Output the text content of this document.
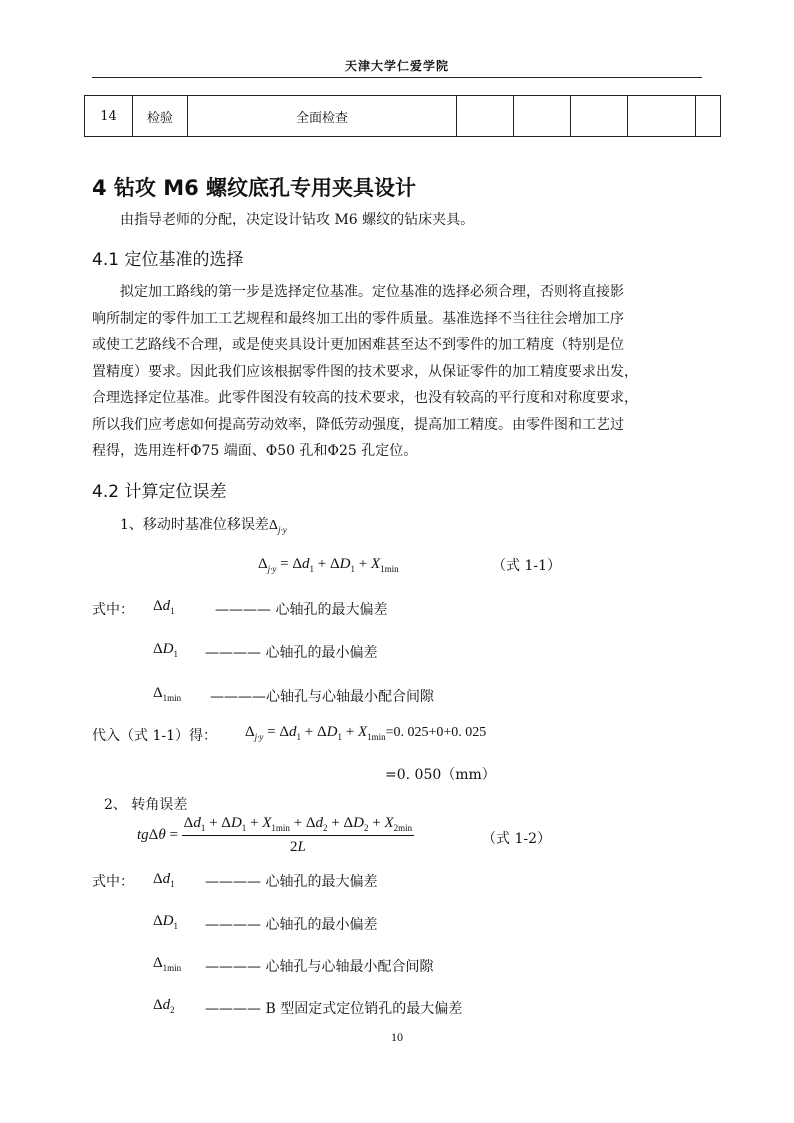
天津大学仁爱学院
14	检验	全面检查					
4 钻攻 M6 螺纹底孔专用夹具设计
由指导老师的分配，决定设计钻攻 M6 螺纹的钻床夹具。
4.1 定位基准的选择
拟定加工路线的第一步是选择定位基准。定位基准的选择必须合理，否则将直接影
响所制定的零件加工工艺规程和最终加工出的零件质量。基准选择不当往往会增加工序
或使工艺路线不合理，或是使夹具设计更加困难甚至达不到零件的加工精度（特别是位
置精度）要求。因此我们应该根据零件图的技术要求，从保证零件的加工精度要求出发，
合理选择定位基准。此零件图没有较高的技术要求，也没有较高的平行度和对称度要求，
所以我们应考虑如何提高劳动效率，降低劳动强度，提高加工精度。由零件图和工艺过
程得，选用连杆Φ75 端面、Φ50 孔和Φ25 孔定位。
4.2 计算定位误差
1、移动时基准位移误差$\Delta_{j\cdot y}$
$\Delta_{j\cdot y} = \Delta d_1 + \Delta D_1 + X_{1min}$	（式 1-1）
式中： $\Delta d_1$	———— 心轴孔的最大偏差
$\Delta D_1$ ———— 心轴孔的最小偏差
$\Delta_{1min}$ ————心轴孔与心轴最小配合间隙
代入（式 1-1）得： $\Delta_{j\cdot y} = \Delta d_1 + \Delta D_1 + X_{1min}=0$. 025+0+0. 025
=0. 050（mm）
2、 转角误差
$tg\Delta\theta = \frac{\Delta d_1 + \Delta D_1 + X_{1min} + \Delta d_2 + \Delta D_2 + X_{2min}}{2L}$	（式 1-2）
式中： $\Delta d_1$ ———— 心轴孔的最大偏差
$\Delta D_1$ ———— 心轴孔的最小偏差
$\Delta_{1min}$ ———— 心轴孔与心轴最小配合间隙
$\Delta d_2$ ———— B 型固定式定位销孔的最大偏差
10
